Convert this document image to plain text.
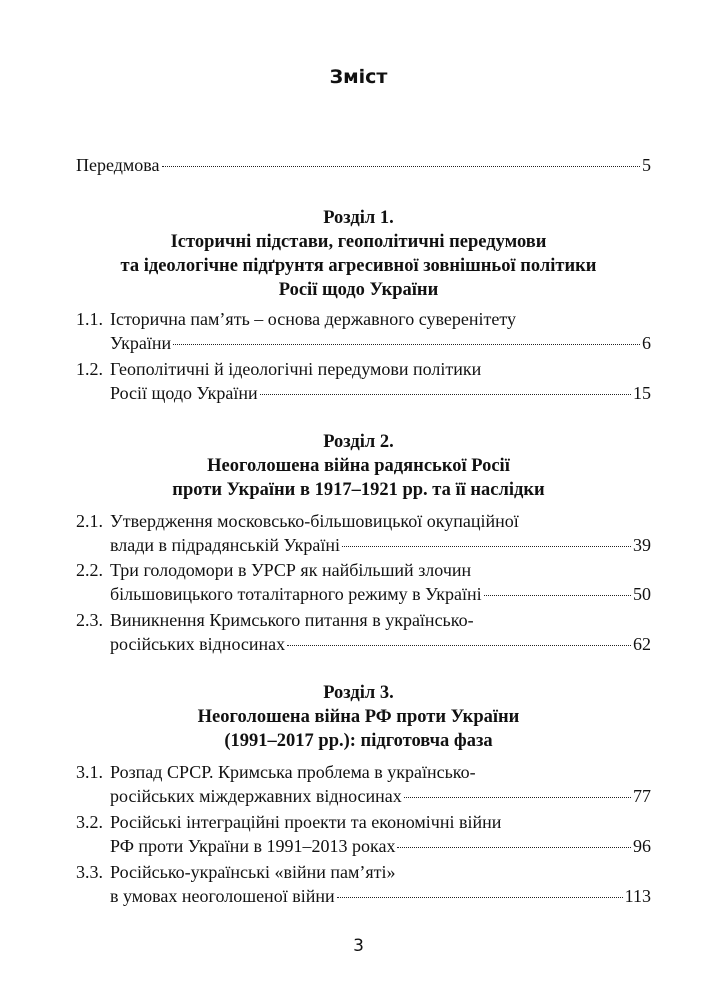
Зміст
Передмова	5
Розділ 1.
Історичні підстави, геополітичні передумови
та ідеологічне підґрунтя агресивної зовнішньої політики
Росії щодо України
1.1. Історична пам’ять – основа державного суверенітету
України	6
1.2. Геополітичні й ідеологічні передумови політики
Росії щодо України	15
Розділ 2.
Неоголошена війна радянської Росії
проти України в 1917–1921 рр. та її наслідки
2.1. Утвердження московсько-більшовицької окупаційної
влади в підрадянській Україні	39
2.2. Три голодомори в УРСР як найбільший злочин
більшовицького тоталітарного режиму в Україні	50
2.3. Виникнення Кримського питання в українсько-
російських відносинах	62
Розділ 3.
Неоголошена війна РФ проти України
(1991–2017 рр.): підготовча фаза
3.1. Розпад СРСР. Кримська проблема в українсько-
російських міждержавних відносинах	77
3.2. Російські інтеграційні проекти та економічні війни
РФ проти України в 1991–2013 роках	96
3.3. Російсько-українські «війни пам’яті»
в умовах неоголошеної війни	113
3
